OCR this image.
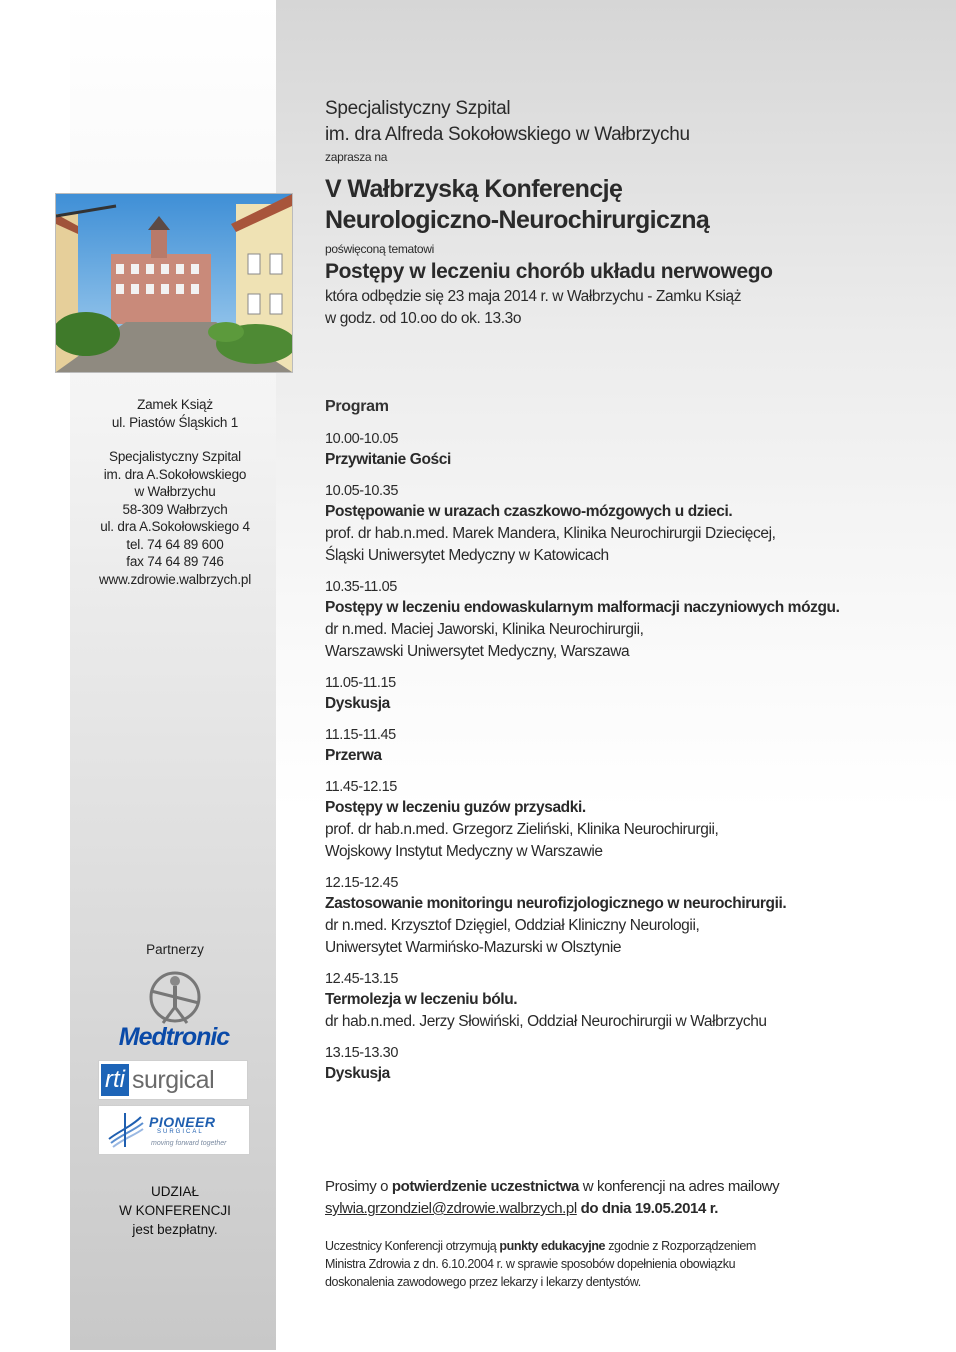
Zamek Książ
ul. Piastów Śląskich 1
Specjalistyczny Szpital
im. dra A.Sokołowskiego
w Wałbrzychu
58-309 Wałbrzych
ul. dra A.Sokołowskiego 4
tel. 74 64 89 600
fax 74 64 89 746
www.zdrowie.walbrzych.pl
Partnerzy
Medtronic
rti surgical
PIONEER
SURGICAL
moving forward together
UDZIAŁ
W KONFERENCJI
jest bezpłatny.
Specjalistyczny Szpital
im. dra Alfreda Sokołowskiego w Wałbrzychu
zaprasza na
V Wałbrzyską Konferencję
Neurologiczno-Neurochirurgiczną
poświęconą tematowi
Postępy w leczeniu chorób układu nerwowego
która odbędzie się 23 maja 2014 r. w Wałbrzychu - Zamku Książ
w godz. od 10.oo do ok. 13.3o
Program
10.00-10.05
Przywitanie Gości
10.05-10.35
Postępowanie w urazach czaszkowo-mózgowych u dzieci.
prof. dr hab.n.med. Marek Mandera, Klinika Neurochirurgii Dziecięcej,
Śląski Uniwersytet Medyczny w Katowicach
10.35-11.05
Postępy w leczeniu endowaskularnym malformacji naczyniowych mózgu.
dr n.med. Maciej Jaworski, Klinika Neurochirurgii,
Warszawski Uniwersytet Medyczny, Warszawa
11.05-11.15
Dyskusja
11.15-11.45
Przerwa
11.45-12.15
Postępy w leczeniu guzów przysadki.
prof. dr hab.n.med. Grzegorz Zieliński, Klinika Neurochirurgii,
Wojskowy Instytut Medyczny w Warszawie
12.15-12.45
Zastosowanie monitoringu neurofizjologicznego w neurochirurgii.
dr n.med. Krzysztof Dzięgiel, Oddział Kliniczny Neurologii,
Uniwersytet Warmińsko-Mazurski w Olsztynie
12.45-13.15
Termolezja w leczeniu bólu.
dr hab.n.med. Jerzy Słowiński, Oddział Neurochirurgii w Wałbrzychu
13.15-13.30
Dyskusja
Prosimy o potwierdzenie uczestnictwa w konferencji na adres mailowy
sylwia.grzondziel@zdrowie.walbrzych.pl do dnia 19.05.2014 r.
Uczestnicy Konferencji otrzymują punkty edukacyjne zgodnie z Rozporządzeniem
Ministra Zdrowia z dn. 6.10.2004 r. w sprawie sposobów dopełnienia obowiązku
doskonalenia zawodowego przez lekarzy i lekarzy dentystów.
